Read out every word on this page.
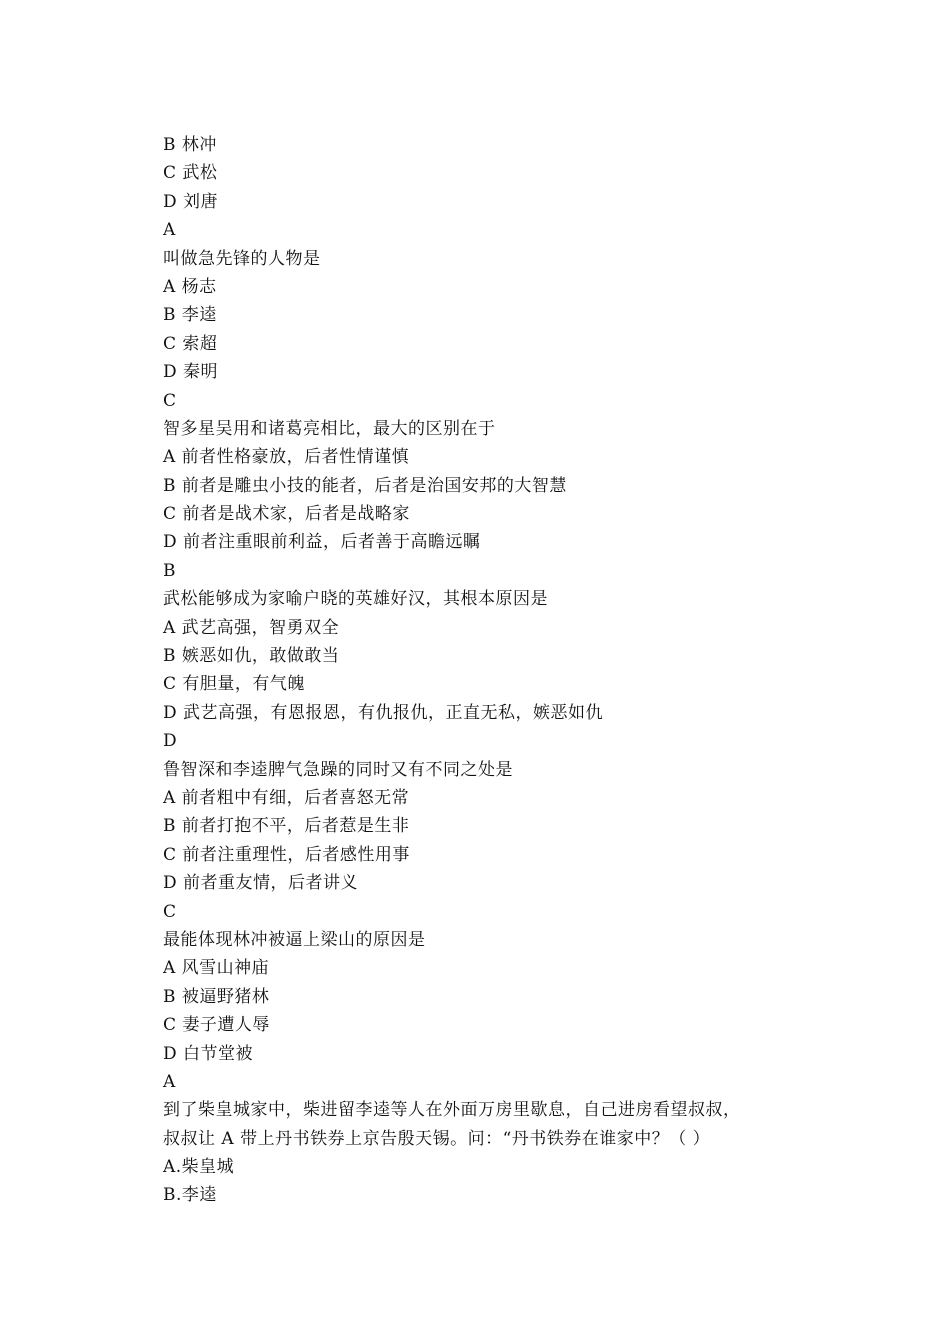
B 林冲
C 武松
D 刘唐
A
叫做急先锋的人物是
A 杨志
B 李逵
C 索超
D 秦明
C
智多星吴用和诸葛亮相比，最大的区别在于
A 前者性格豪放，后者性情谨慎
B 前者是雕虫小技的能者，后者是治国安邦的大智慧
C 前者是战术家，后者是战略家
D 前者注重眼前利益，后者善于高瞻远瞩
B
武松能够成为家喻户晓的英雄好汉，其根本原因是
A 武艺高强，智勇双全
B 嫉恶如仇，敢做敢当
C 有胆量，有气魄
D 武艺高强，有恩报恩，有仇报仇，正直无私，嫉恶如仇
D
鲁智深和李逵脾气急躁的同时又有不同之处是
A 前者粗中有细，后者喜怒无常
B 前者打抱不平，后者惹是生非
C 前者注重理性，后者感性用事
D 前者重友情，后者讲义
C
最能体现林冲被逼上梁山的原因是
A 风雪山神庙
B 被逼野猪林
C 妻子遭人辱
D 白节堂被
A
到了柴皇城家中，柴进留李逵等人在外面万房里歇息，自己进房看望叔叔，
叔叔让 A 带上丹书铁券上京告殷天锡。问：“丹书铁券在谁家中？（ ）
A.柴皇城
B.李逵
